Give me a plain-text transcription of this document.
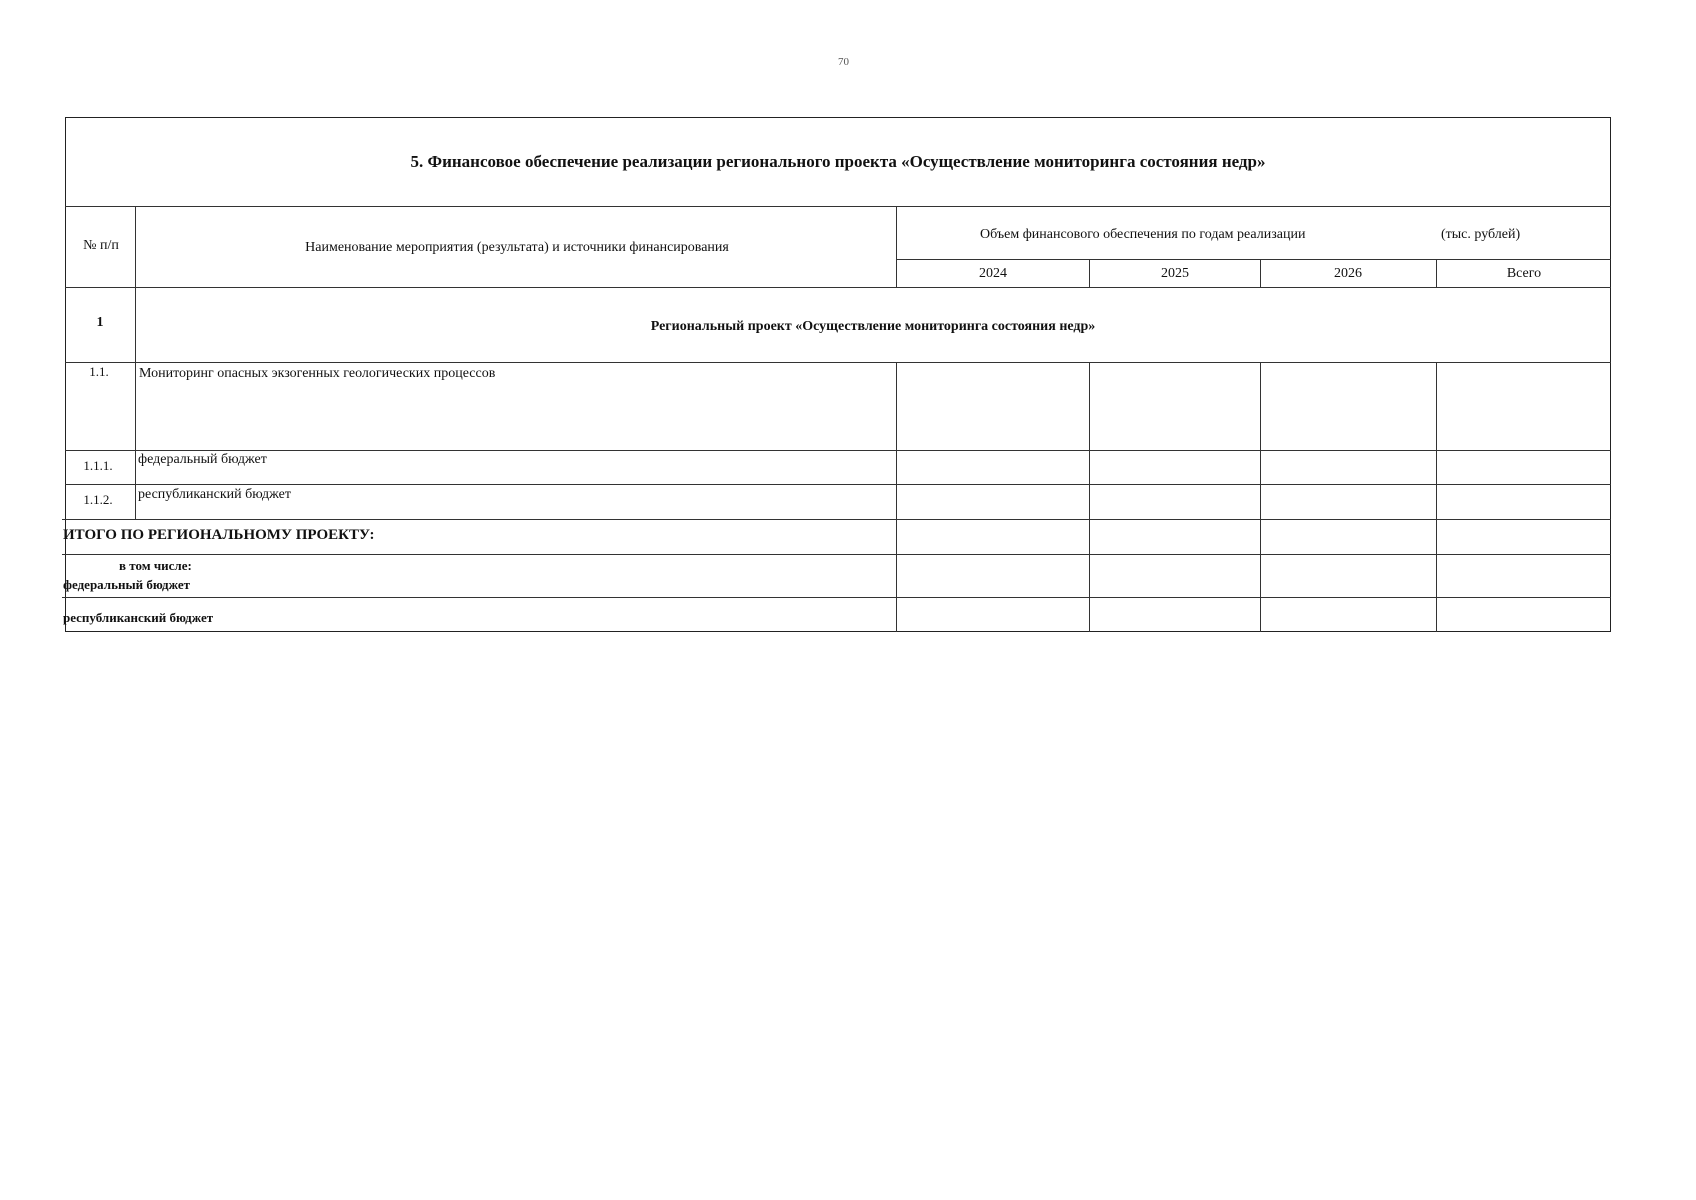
70
5. Финансовое обеспечение реализации регионального проекта «Осуществление мониторинга состояния недр»
№ п/п	Наименование мероприятия (результата) и источники финансирования
Объем финансового обеспечения по годам реализации	(тыс. рублей)
2024	2025	2026	Всего
1	Региональный проект «Осуществление мониторинга состояния недр»
1.1. Мониторинг опасных экзогенных геологических процессов
1.1.1. федеральный бюджет
1.1.2. республиканский бюджет
ИТОГО ПО РЕГИОНАЛЬНОМУ ПРОЕКТУ:
в том числе:
федеральный бюджет
республиканский бюджет
